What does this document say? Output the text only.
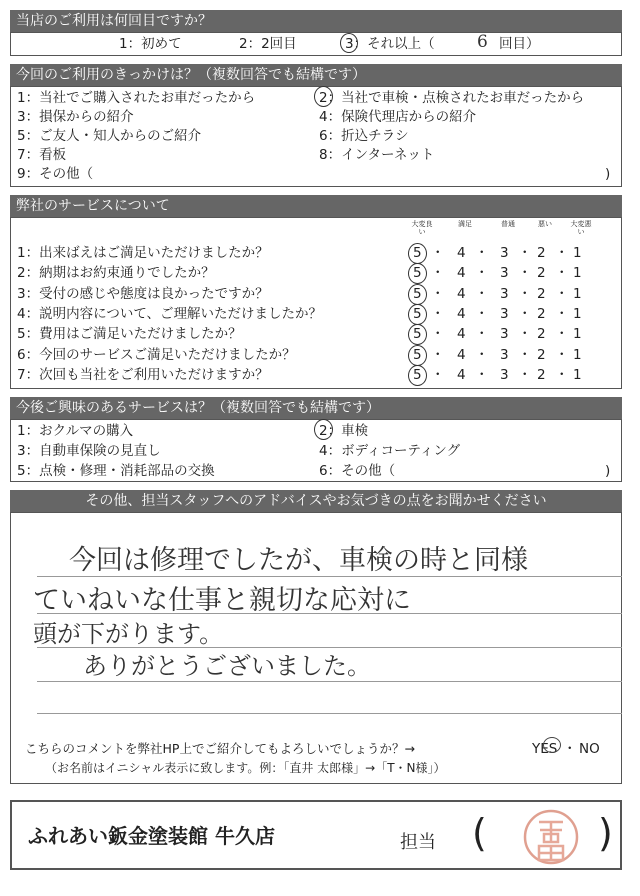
当店のご利用は何回目ですか？
1：初めて	2：2回目	3：それ以上（ 6 回目）
今回のご利用のきっかけは？（複数回答でも結構です）
1：当社でご購入されたお車だったから	2：当社で車検・点検されたお車だったから
3：損保からの紹介	4：保険代理店からの紹介
5：ご友人・知人からのご紹介	6：折込チラシ
7：看板	8：インターネット
9：その他（	)
弊社のサービスについて
大変良い
満足	普通	悪い	大変悪い
1：出来ばえはご満足いただけましたか？	5 ・ 4 ・ 3 ・ 2 ・ 1
2：納期はお約束通りでしたか？	5 ・ 4 ・ 3 ・ 2 ・ 1
3：受付の感じや態度は良かったですか？	5 ・ 4 ・ 3 ・ 2 ・ 1
4：説明内容について、ご理解いただけましたか？	5 ・ 4 ・ 3 ・ 2 ・ 1
5：費用はご満足いただけましたか？	5 ・ 4 ・ 3 ・ 2 ・ 1
6：今回のサービスご満足いただけましたか？	5 ・ 4 ・ 3 ・ 2 ・ 1
7：次回も当社をご利用いただけますか？	5 ・ 4 ・ 3 ・ 2 ・ 1
今後ご興味のあるサービスは？（複数回答でも結構です）
1：おクルマの購入	2：車検
3：自動車保険の見直し	4：ボディコーティング
5：点検・修理・消耗部品の交換	6：その他（	)
その他、担当スタッフへのアドバイスやお気づきの点をお聞かせください
今回は修理でしたが、車検の時と同様
ていねいな仕事と親切な応対に
頭が下がります。
ありがとうございました。
こちらのコメントを弊社HP上でご紹介してもよろしいでしょうか？→	YES ・ NO
（お名前はイニシャル表示に致します。例：「直井 太郎様」→「T・N様」）
ふれあい鈑金塗装館 牛久店	担当 (	)
